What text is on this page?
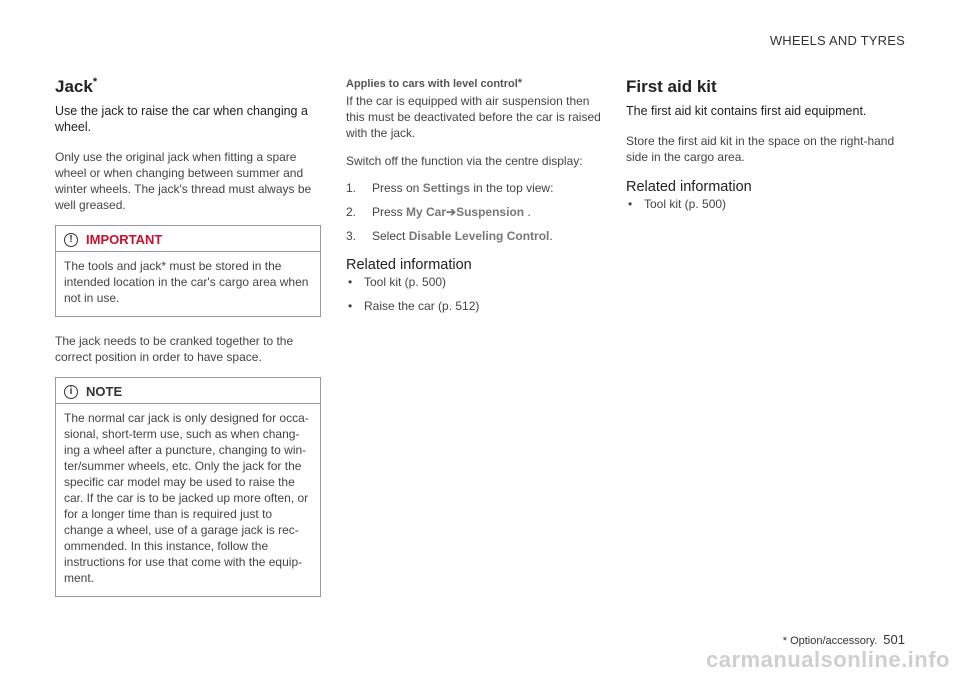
WHEELS AND TYRES
Jack*
Use the jack to raise the car when changing a wheel.

Only use the original jack when fitting a spare wheel or when changing between summer and winter wheels. The jack's thread must always be well greased.

!	IMPORTANT
The tools and jack* must be stored in the intended location in the car's cargo area when not in use.

The jack needs to be cranked together to the correct position in order to have space.

i	NOTE
The normal car jack is only designed for occa-sional, short-term use, such as when chang-ing a wheel after a puncture, changing to win-ter/summer wheels, etc. Only the jack for the specific car model may be used to raise the car. If the car is to be jacked up more often, or for a longer time than is required just to change a wheel, use of a garage jack is rec-ommended. In this instance, follow the instructions for use that come with the equip-ment.
Applies to cars with level control*

If the car is equipped with air suspension then this must be deactivated before the car is raised with the jack.

Switch off the function via the centre display:

1.	Press on Settings in the top view:
2.	Press My Car➔Suspension .
3.	Select Disable Leveling Control.
Related information
• Tool kit (p. 500)
• Raise the car (p. 512)
First aid kit
The first aid kit contains first aid equipment.

Store the first aid kit in the space on the right-hand side in the cargo area.

Related information
• Tool kit (p. 500)
* Option/accessory. 501
carmanualsonline.info
